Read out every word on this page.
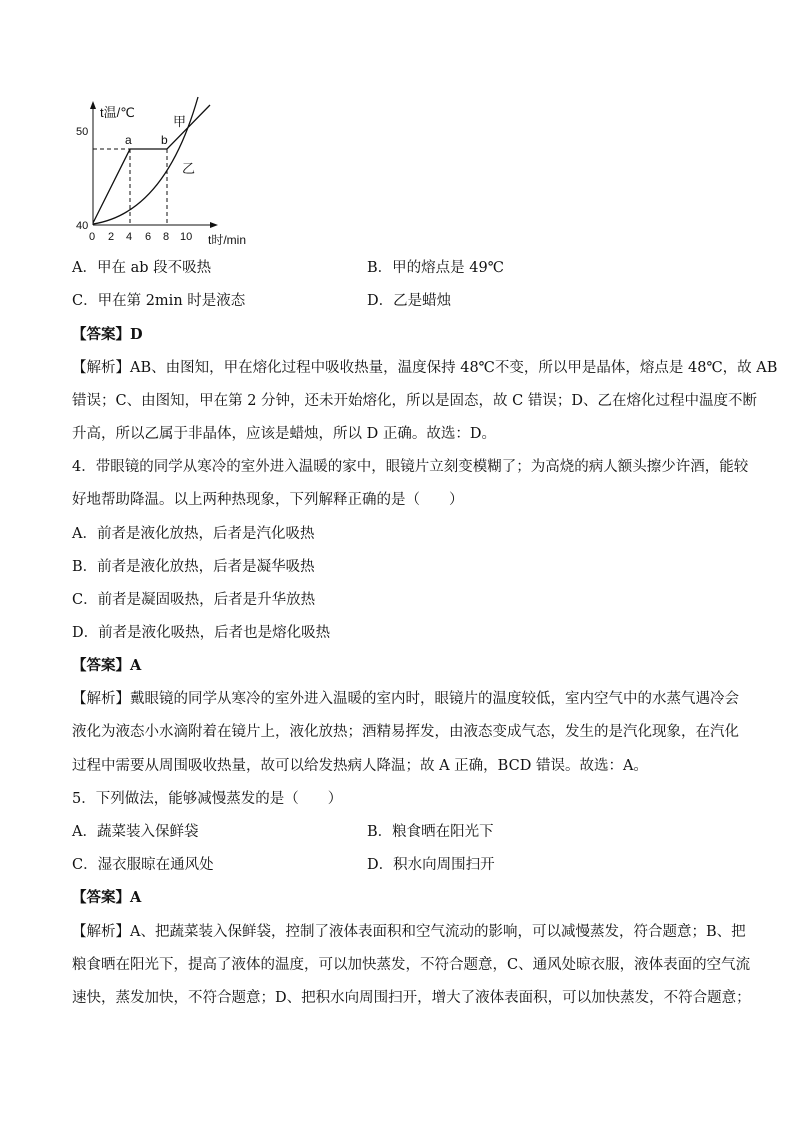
t温/℃
50
40
0 2 4 6 8 10 t时/min
a b
甲
乙
A．甲在 ab 段不吸热	B．甲的熔点是 49℃
C．甲在第 2min 时是液态	D．乙是蜡烛
【答案】D
【解析】AB、由图知，甲在熔化过程中吸收热量，温度保持 48℃不变，所以甲是晶体，熔点是 48℃，故 AB
错误；C、由图知，甲在第 2 分钟，还未开始熔化，所以是固态，故 C 错误；D、乙在熔化过程中温度不断
升高，所以乙属于非晶体，应该是蜡烛，所以 D 正确。故选：D。
4．带眼镜的同学从寒冷的室外进入温暖的家中，眼镜片立刻变模糊了；为高烧的病人额头擦少许酒，能较
好地帮助降温。以上两种热现象，下列解释正确的是（　　）
A．前者是液化放热，后者是汽化吸热
B．前者是液化放热，后者是凝华吸热
C．前者是凝固吸热，后者是升华放热
D．前者是液化吸热，后者也是熔化吸热
【答案】A
【解析】戴眼镜的同学从寒冷的室外进入温暖的室内时，眼镜片的温度较低，室内空气中的水蒸气遇冷会
液化为液态小水滴附着在镜片上，液化放热；酒精易挥发，由液态变成气态，发生的是汽化现象，在汽化
过程中需要从周围吸收热量，故可以给发热病人降温；故 A 正确，BCD 错误。故选：A。
5．下列做法，能够减慢蒸发的是（　　）
A．蔬菜装入保鲜袋	B．粮食晒在阳光下
C．湿衣服晾在通风处	D．积水向周围扫开
【答案】A
【解析】A、把蔬菜装入保鲜袋，控制了液体表面积和空气流动的影响，可以减慢蒸发，符合题意；B、把
粮食晒在阳光下，提高了液体的温度，可以加快蒸发，不符合题意，C、通风处晾衣服，液体表面的空气流
速快，蒸发加快，不符合题意；D、把积水向周围扫开，增大了液体表面积，可以加快蒸发，不符合题意；
